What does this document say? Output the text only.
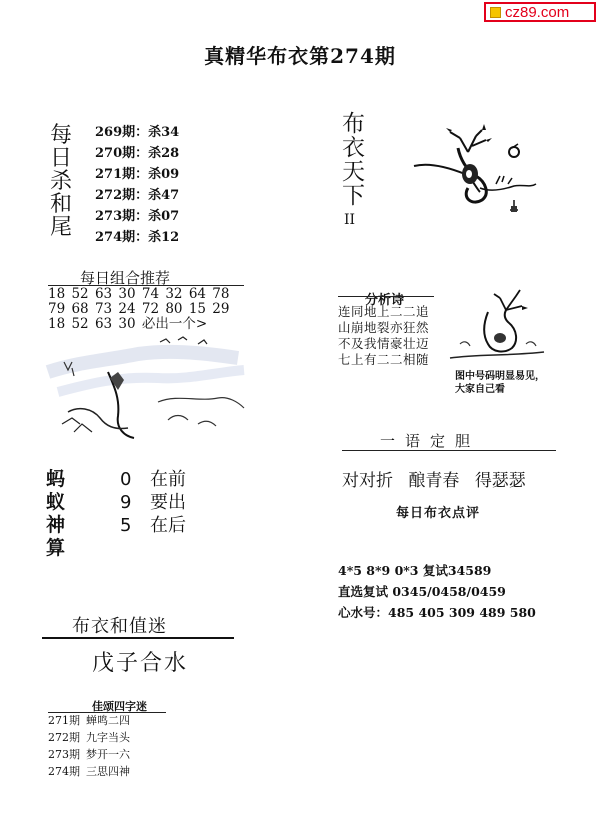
cz89.com
真精华布衣第274期
每
日
杀
和
尾
269期：杀34
270期：杀28
271期：杀09
272期：杀47
273期：杀07
274期：杀12
布
衣
天
下
II
每日组合推荐
18 52 63 30 74 32 64 78
79 68 73 24 72 80 15 29
18 52 63 30 必出一个>
分析诗
连同地上二二追
山崩地裂亦狂然
不及我情豪壮迈
七上有二二相随
图中号码明显易见，
大家自己看
一语定胆
对对折 酿青春 得瑟瑟
每日布衣点评
蚂
蚁
神
算
0 在前
9 要出
5 在后
4*5 8*9 0*3 复试34589
直选复试 0345/0458/0459
心水号：485 405 309 489 580
布衣和值迷
戊子合水
佳颂四字迷
271期 蝉鸣二四
272期 九字当头
273期 梦开一六
274期 三思四神
